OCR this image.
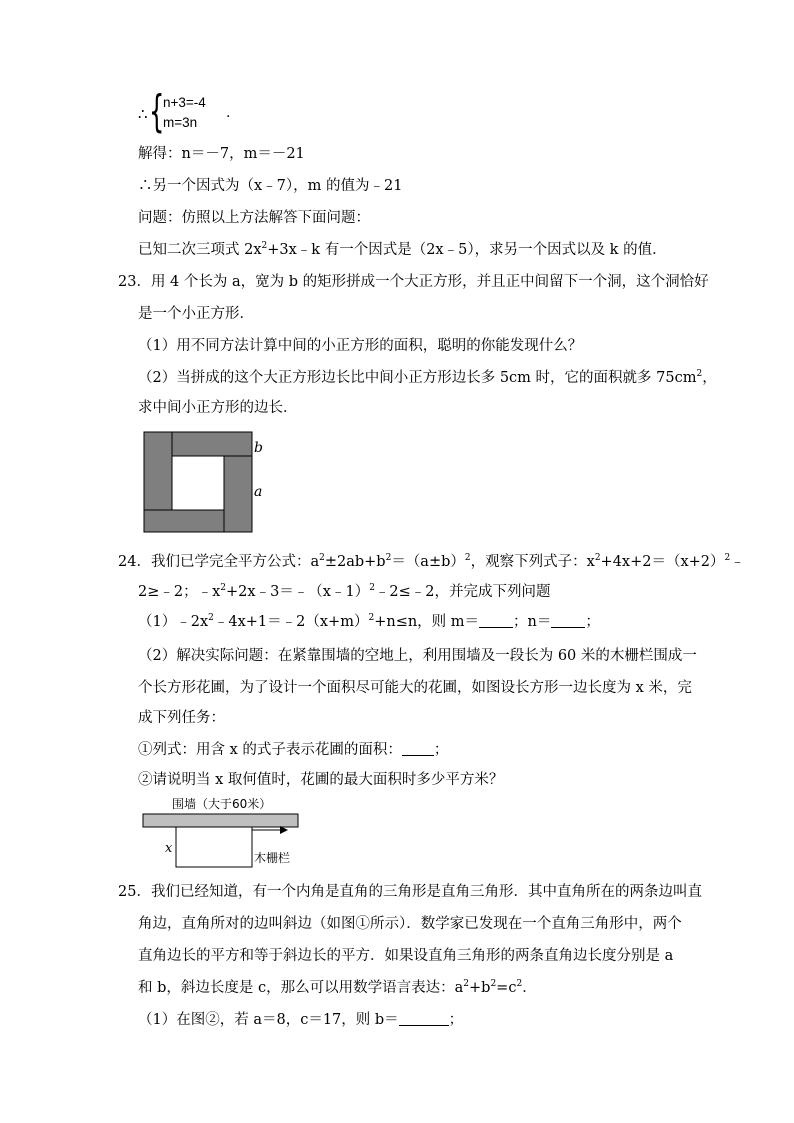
∴ {
n+3=-4
m=3n
.
解得：n＝－7，m＝－21
∴另一个因式为（x﹣7），m 的值为﹣21
问题：仿照以上方法解答下面问题：
已知二次三项式 $2x^2+3x﹣k$ 有一个因式是（2x﹣5），求另一个因式以及 k 的值．
23．用 4 个长为 a，宽为 b 的矩形拼成一个大正方形，并且正中间留下一个洞，这个洞恰好
是一个小正方形．
（1）用不同方法计算中间的小正方形的面积，聪明的你能发现什么？
（2）当拼成的这个大正方形边长比中间小正方形边长多 5cm 时，它的面积就多 $75cm^2$，
求中间小正方形的边长．
b
a
24．我们已学完全平方公式：$a^2\pm 2ab+b^2=(a\pm b)^2$，观察下列式子：$x^2+4x+2=(x+2)^2﹣$
2≥﹣2；$﹣x^2+2x﹣3=﹣(x﹣1)^2﹣2\le﹣2$，并完成下列问题
$(1)﹣2x^2﹣4x+1=﹣2(x+m)^2+n\le n$，则 m＝ ；n＝ ；
（2）解决实际问题：在紧靠围墙的空地上，利用围墙及一段长为 60 米的木栅栏围成一
个长方形花圃，为了设计一个面积尽可能大的花圃，如图设长方形一边长度为 x 米，完
成下列任务：
①列式：用含 x 的式子表示花圃的面积： ；
②请说明当 x 取何值时，花圃的最大面积时多少平方米？
围墙（大于60米）
x
木栅栏
25．我们已经知道，有一个内角是直角的三角形是直角三角形．其中直角所在的两条边叫直
角边，直角所对的边叫斜边（如图①所示）．数学家已发现在一个直角三角形中，两个
直角边长的平方和等于斜边长的平方．如果设直角三角形的两条直角边长度分别是 a
和 b，斜边长度是 c，那么可以用数学语言表达：$a^2+b^2=c^2$．
（1）在图②，若 a＝8，c＝17，则 b＝	；
